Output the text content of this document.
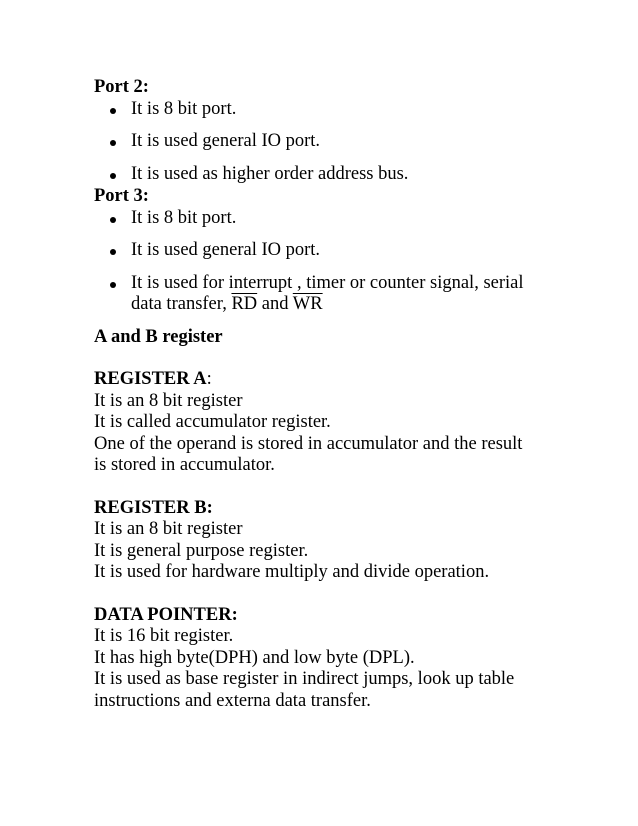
Port 2:
It is 8 bit port.
It is used general IO port.
It is used as higher order address bus.
Port 3:
It is 8 bit port.
It is used general IO port.
It is used for interrupt , timer or counter signal, serial
data transfer, $\overline{RD}$ and $\overline{WR}$
A and B register
REGISTER A:
It is an 8 bit register
It is called accumulator register.
One of the operand is stored in accumulator and the result
is stored in accumulator.
REGISTER B:
It is an 8 bit register
It is general purpose register.
It is used for hardware multiply and divide operation.
DATA POINTER:
It is 16 bit register.
It has high byte(DPH) and low byte (DPL).
It is used as base register in indirect jumps, look up table
instructions and externa data transfer.
